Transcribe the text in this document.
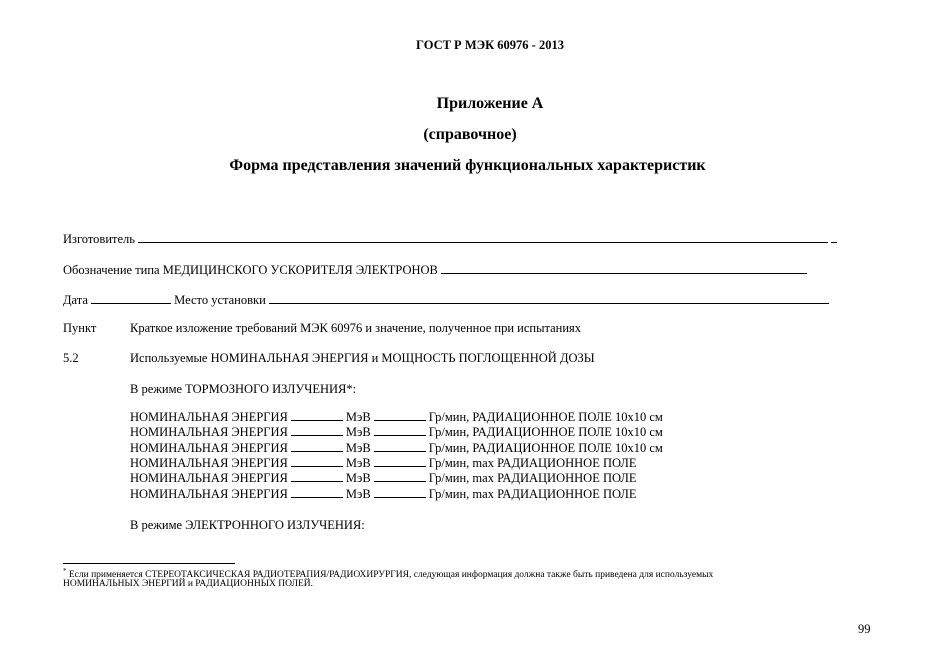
ГОСТ Р МЭК 60976 - 2013
Приложение А
(справочное)
Форма представления значений функциональных характеристик
Изготовитель
Обозначение типа МЕДИЦИНСКОГО УСКОРИТЕЛЯ ЭЛЕКТРОНОВ
Дата	Место установки
Пункт	Краткое изложение требований МЭК 60976 и значение, полученное при испытаниях
5.2	Используемые НОМИНАЛЬНАЯ ЭНЕРГИЯ и МОЩНОСТЬ ПОГЛОЩЕННОЙ ДОЗЫ
В режиме ТОРМОЗНОГО ИЗЛУЧЕНИЯ*:
НОМИНАЛЬНАЯ ЭНЕРГИЯ	МэВ	Гр/мин, РАДИАЦИОННОЕ ПОЛЕ 10х10 см
НОМИНАЛЬНАЯ ЭНЕРГИЯ	МэВ	Гр/мин, РАДИАЦИОННОЕ ПОЛЕ 10х10 см
НОМИНАЛЬНАЯ ЭНЕРГИЯ	МэВ	Гр/мин, РАДИАЦИОННОЕ ПОЛЕ 10х10 см
НОМИНАЛЬНАЯ ЭНЕРГИЯ	МэВ	Гр/мин, max РАДИАЦИОННОЕ ПОЛЕ
НОМИНАЛЬНАЯ ЭНЕРГИЯ	МэВ	Гр/мин, max РАДИАЦИОННОЕ ПОЛЕ
НОМИНАЛЬНАЯ ЭНЕРГИЯ	МэВ	Гр/мин, max РАДИАЦИОННОЕ ПОЛЕ
В режиме ЭЛЕКТРОННОГО ИЗЛУЧЕНИЯ:
* Если применяется СТЕРЕОТАКСИЧЕСКАЯ РАДИОТЕРАПИЯ/РАДИОХИРУРГИЯ, следующая информация должна также быть приведена для используемых
НОМИНАЛЬНЫХ ЭНЕРГИЙ и РАДИАЦИОННЫХ ПОЛЕЙ.
99
